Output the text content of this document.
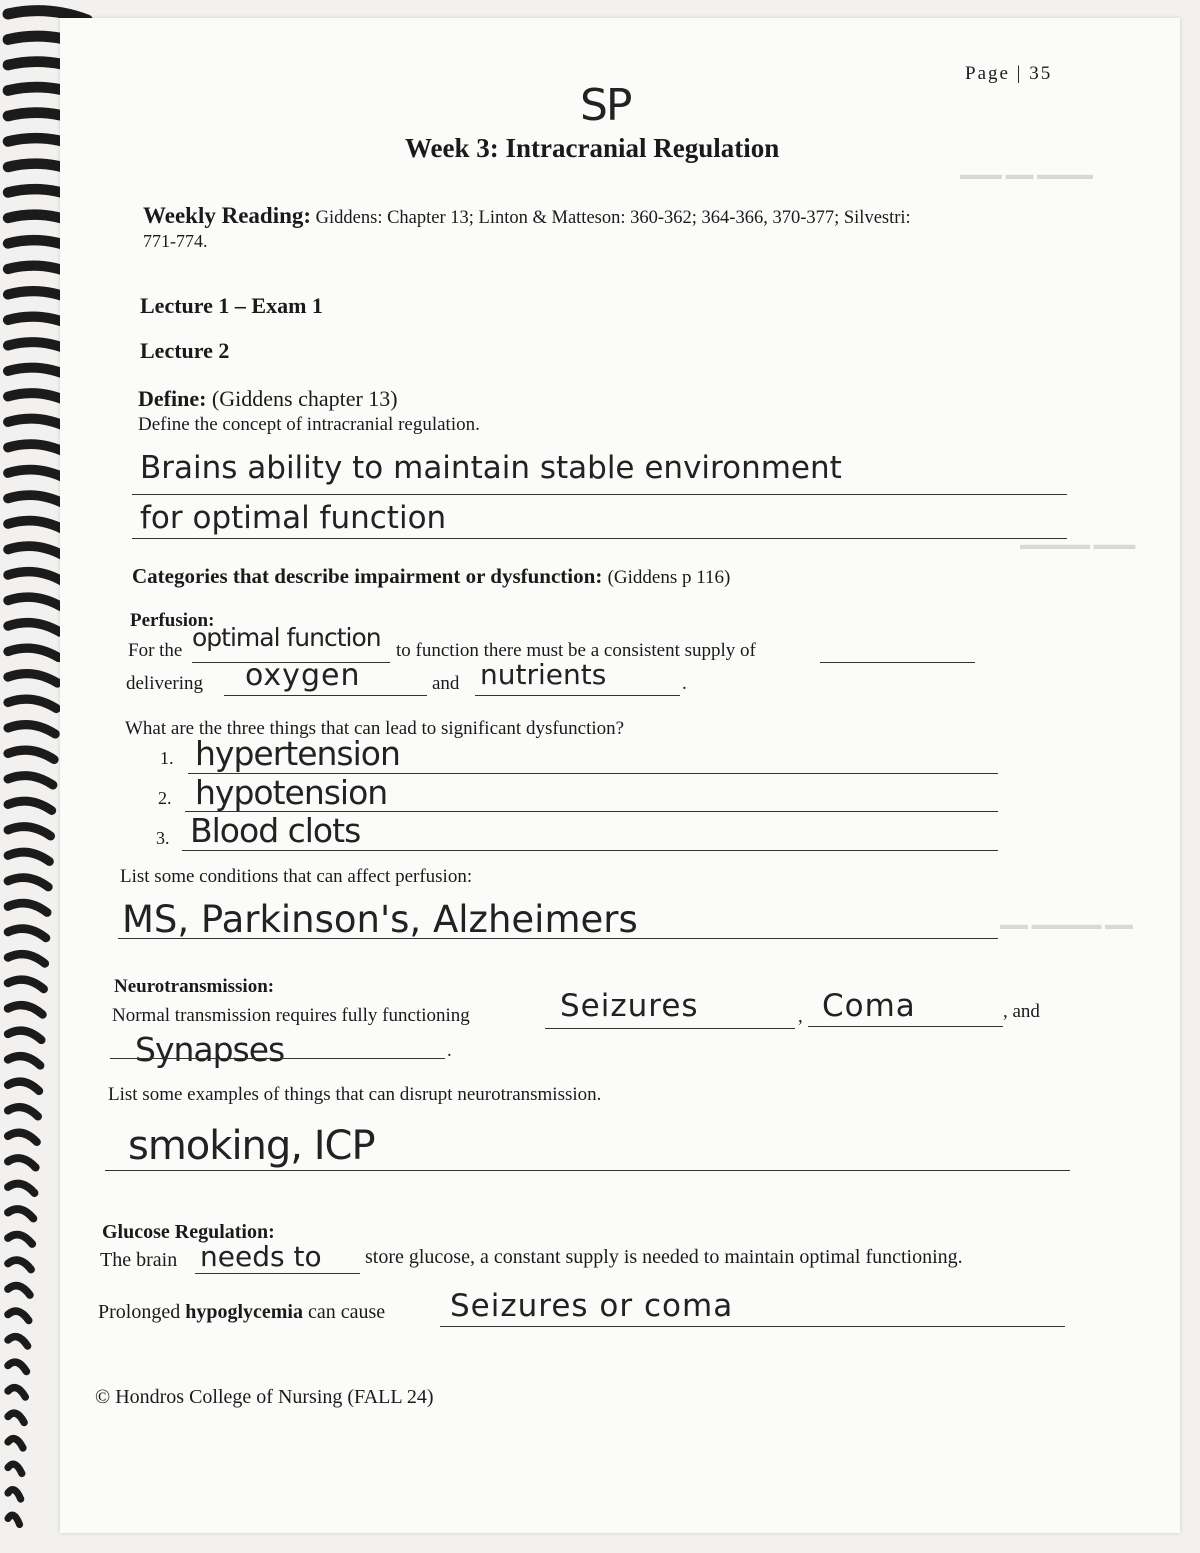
▬▬▬ ▬▬ ▬▬▬▬
▬▬▬▬▬ ▬▬▬
▬▬ ▬▬▬▬▬ ▬▬
Page | 35
SP
Week 3: Intracranial Regulation
Weekly Reading: Giddens: Chapter 13; Linton & Matteson: 360-362; 364-366, 370-377; Silvestri:
771-774.
Lecture 1 – Exam 1
Lecture 2
Define: (Giddens chapter 13)
Define the concept of intracranial regulation.
Brains ability to maintain stable environment
for optimal function
Categories that describe impairment or dysfunction: (Giddens p 116)
Perfusion:
For the optimal function to function there must be a consistent supply of
delivering oxygen	and nutrients	.
What are the three things that can lead to significant dysfunction?
1. hypertension
2. hypotension
3. Blood clots
List some conditions that can affect perfusion:
MS, Parkinson's, Alzheimers
Neurotransmission:
Normal transmission requires fully functioning	Seizures	, Coma	, and
Synapses	.
List some examples of things that can disrupt neurotransmission.
smoking, ICP
Glucose Regulation:
The brain needs to store glucose, a constant supply is needed to maintain optimal functioning.
Prolonged hypoglycemia can cause Seizures or coma
© Hondros College of Nursing (FALL 24)
